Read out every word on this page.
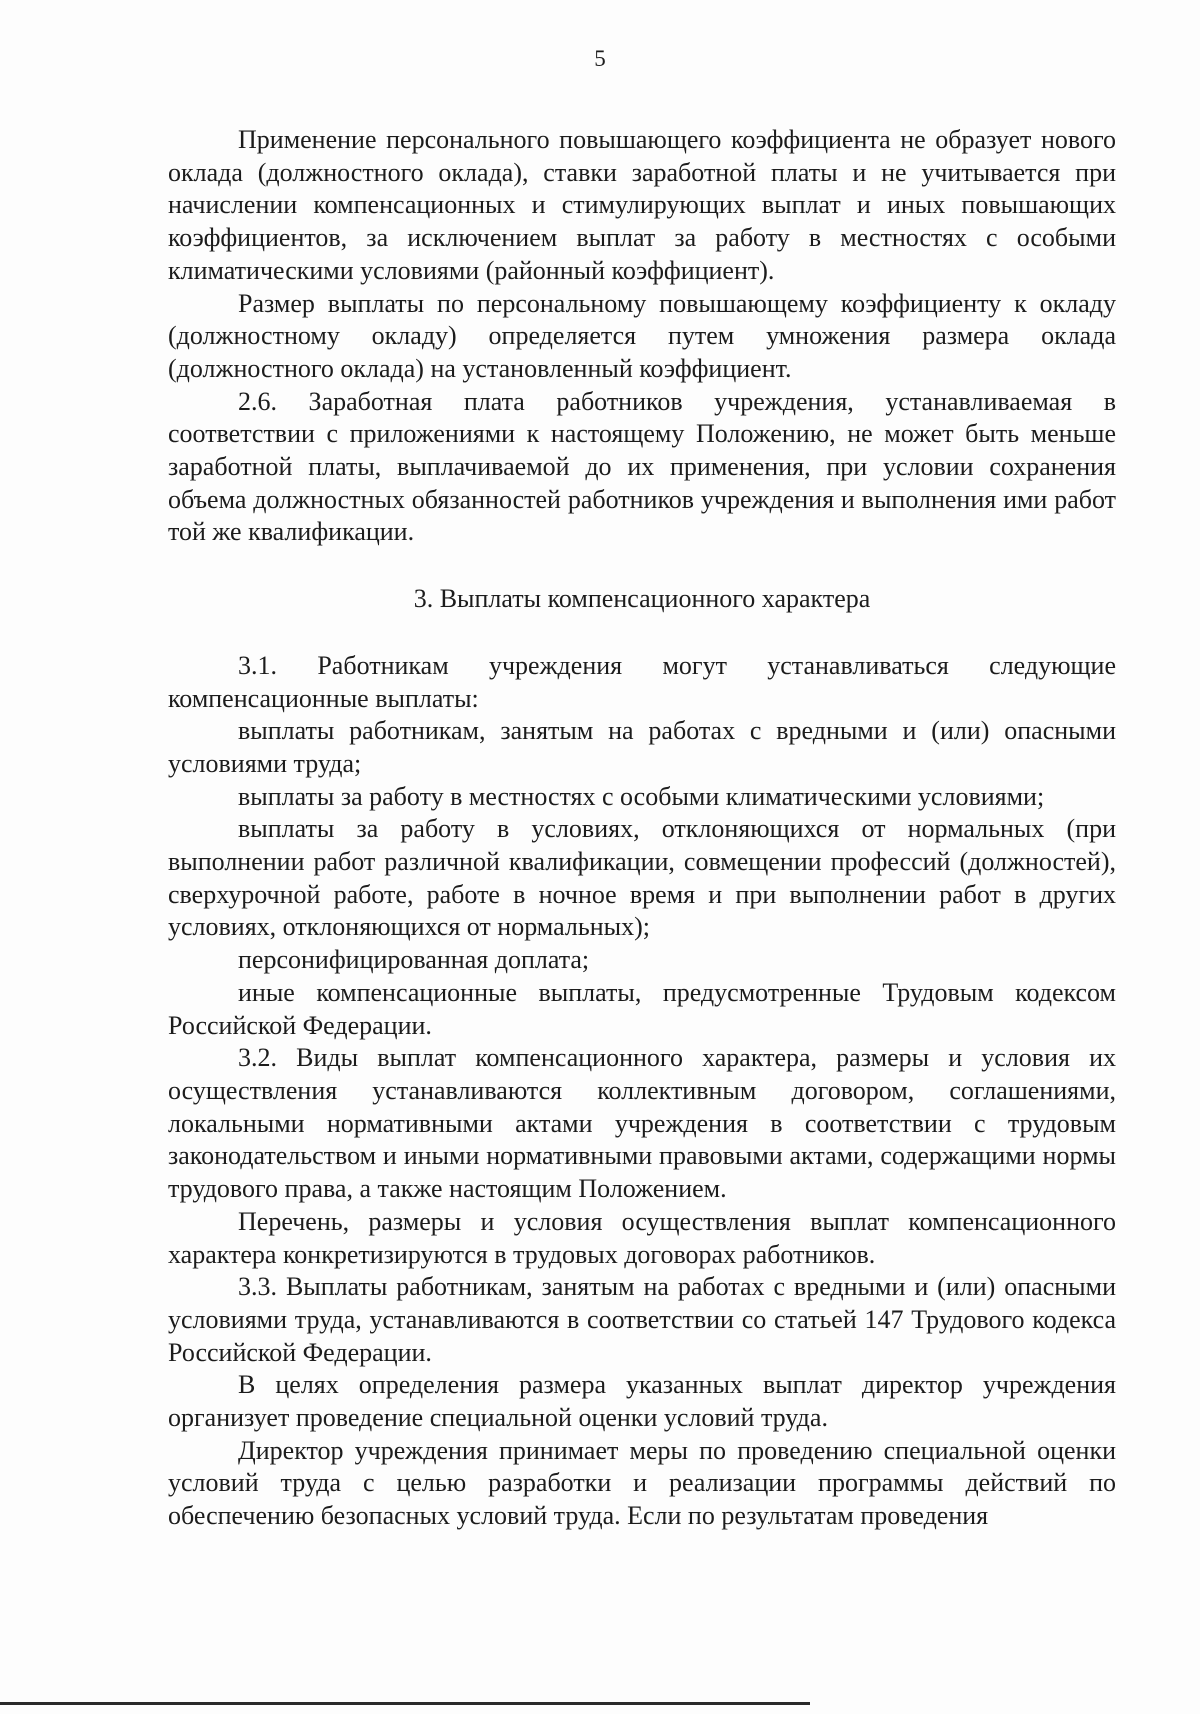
5

Применение персонального повышающего коэффициента не образует нового оклада (должностного оклада), ставки заработной платы и не учитывается при начислении компенсационных и стимулирующих выплат и иных повышающих коэффициентов, за исключением выплат за работу в местностях с особыми климатическими условиями (районный коэффициент).

Размер выплаты по персональному повышающему коэффициенту к окладу (должностному окладу) определяется путем умножения размера оклада (должностного оклада) на установленный коэффициент.

2.6. Заработная плата работников учреждения, устанавливаемая в соответствии с приложениями к настоящему Положению, не может быть меньше заработной платы, выплачиваемой до их применения, при условии сохранения объема должностных обязанностей работников учреждения и выполнения ими работ той же квалификации.

3. Выплаты компенсационного характера

3.1. Работникам учреждения могут устанавливаться следующие компенсационные выплаты:

выплаты работникам, занятым на работах с вредными и (или) опасными условиями труда;

выплаты за работу в местностях с особыми климатическими условиями;

выплаты за работу в условиях, отклоняющихся от нормальных (при выполнении работ различной квалификации, совмещении профессий (должностей), сверхурочной работе, работе в ночное время и при выполнении работ в других условиях, отклоняющихся от нормальных);

персонифицированная доплата;

иные компенсационные выплаты, предусмотренные Трудовым кодексом Российской Федерации.

3.2. Виды выплат компенсационного характера, размеры и условия их осуществления устанавливаются коллективным договором, соглашениями, локальными нормативными актами учреждения в соответствии с трудовым законодательством и иными нормативными правовыми актами, содержащими нормы трудового права, а также настоящим Положением.

Перечень, размеры и условия осуществления выплат компенсационного характера конкретизируются в трудовых договорах работников.

3.3. Выплаты работникам, занятым на работах с вредными и (или) опасными условиями труда, устанавливаются в соответствии со статьей 147 Трудового кодекса Российской Федерации.

В целях определения размера указанных выплат директор учреждения организует проведение специальной оценки условий труда.

Директор учреждения принимает меры по проведению специальной оценки условий труда с целью разработки и реализации программы действий по обеспечению безопасных условий труда. Если по результатам проведения
